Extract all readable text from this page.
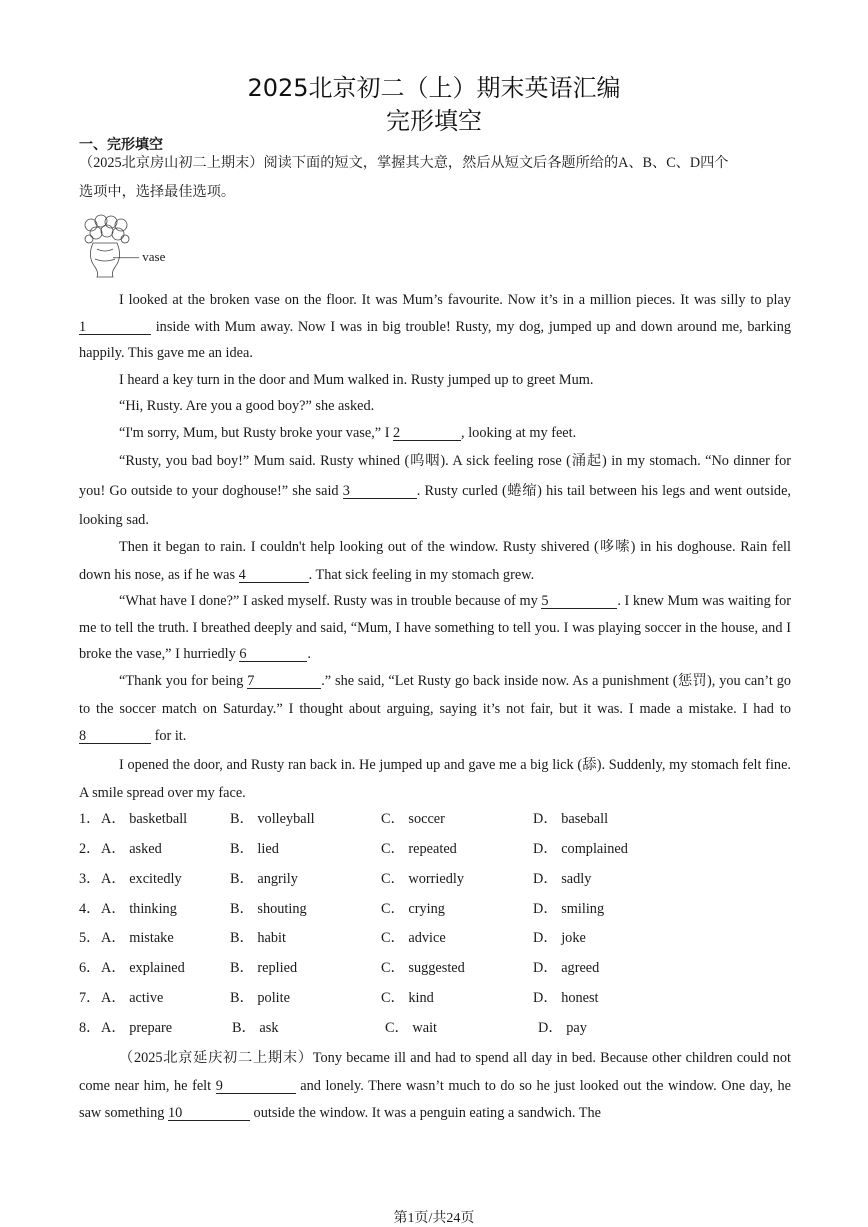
2025北京初二（上）期末英语汇编
完形填空
一、完形填空
（2025北京房山初二上期末）阅读下面的短文，掌握其大意，然后从短文后各题所给的A、B、C、D四个
选项中，选择最佳选项。
—— vase
I looked at the broken vase on the floor. It was Mum’s favourite. Now it’s in a million pieces. It was silly to play 1	inside with Mum away. Now I was in big trouble! Rusty, my dog, jumped up and down around me, barking happily. This gave me an idea.
I heard a key turn in the door and Mum walked in. Rusty jumped up to greet Mum.
“Hi, Rusty. Are you a good boy?” she asked.
“I'm sorry, Mum, but Rusty broke your vase,” I 2	, looking at my feet.
“Rusty, you bad boy!” Mum said. Rusty whined (呜咽). A sick feeling rose (涌起) in my stomach. “No dinner for you! Go outside to your doghouse!” she said 3	. Rusty curled (蜷缩) his tail between his legs and went outside, looking sad.
Then it began to rain. I couldn't help looking out of the window. Rusty shivered (哆嗦) in his doghouse. Rain fell down his nose, as if he was 4	. That sick feeling in my stomach grew.
“What have I done?” I asked myself. Rusty was in trouble because of my 5	. I knew Mum was waiting for me to tell the truth. I breathed deeply and said, “Mum, I have something to tell you. I was playing soccer in the house, and I broke the vase,” I hurriedly 6	.
“Thank you for being 7	.” she said, “Let Rusty go back inside now. As a punishment (惩罚), you can’t go to the soccer match on Saturday.” I thought about arguing, saying it’s not fair, but it was. I made a mistake. I had to 8	for it.
I opened the door, and Rusty ran back in. He jumped up and gave me a big lick (舔). Suddenly, my stomach felt fine. A smile spread over my face.
1． A． basketball	B． volleyball	C． soccer	D． baseball
2． A． asked	B． lied	C． repeated	D． complained
3． A． excitedly	B． angrily	C． worriedly	D． sadly
4． A． thinking	B． shouting	C． crying	D． smiling
5． A． mistake	B． habit	C． advice	D． joke
6． A． explained	B． replied	C． suggested	D． agreed
7． A． active	B． polite	C． kind	D． honest
8． A． prepare	B． ask	C． wait	D． pay
（2025北京延庆初二上期末）Tony became ill and had to spend all day in bed. Because other children could not come near him, he felt 9	and lonely. There wasn’t much to do so he just looked out the window. One day, he saw something 10	outside the window. It was a penguin eating a sandwich. The
第1页/共24页
